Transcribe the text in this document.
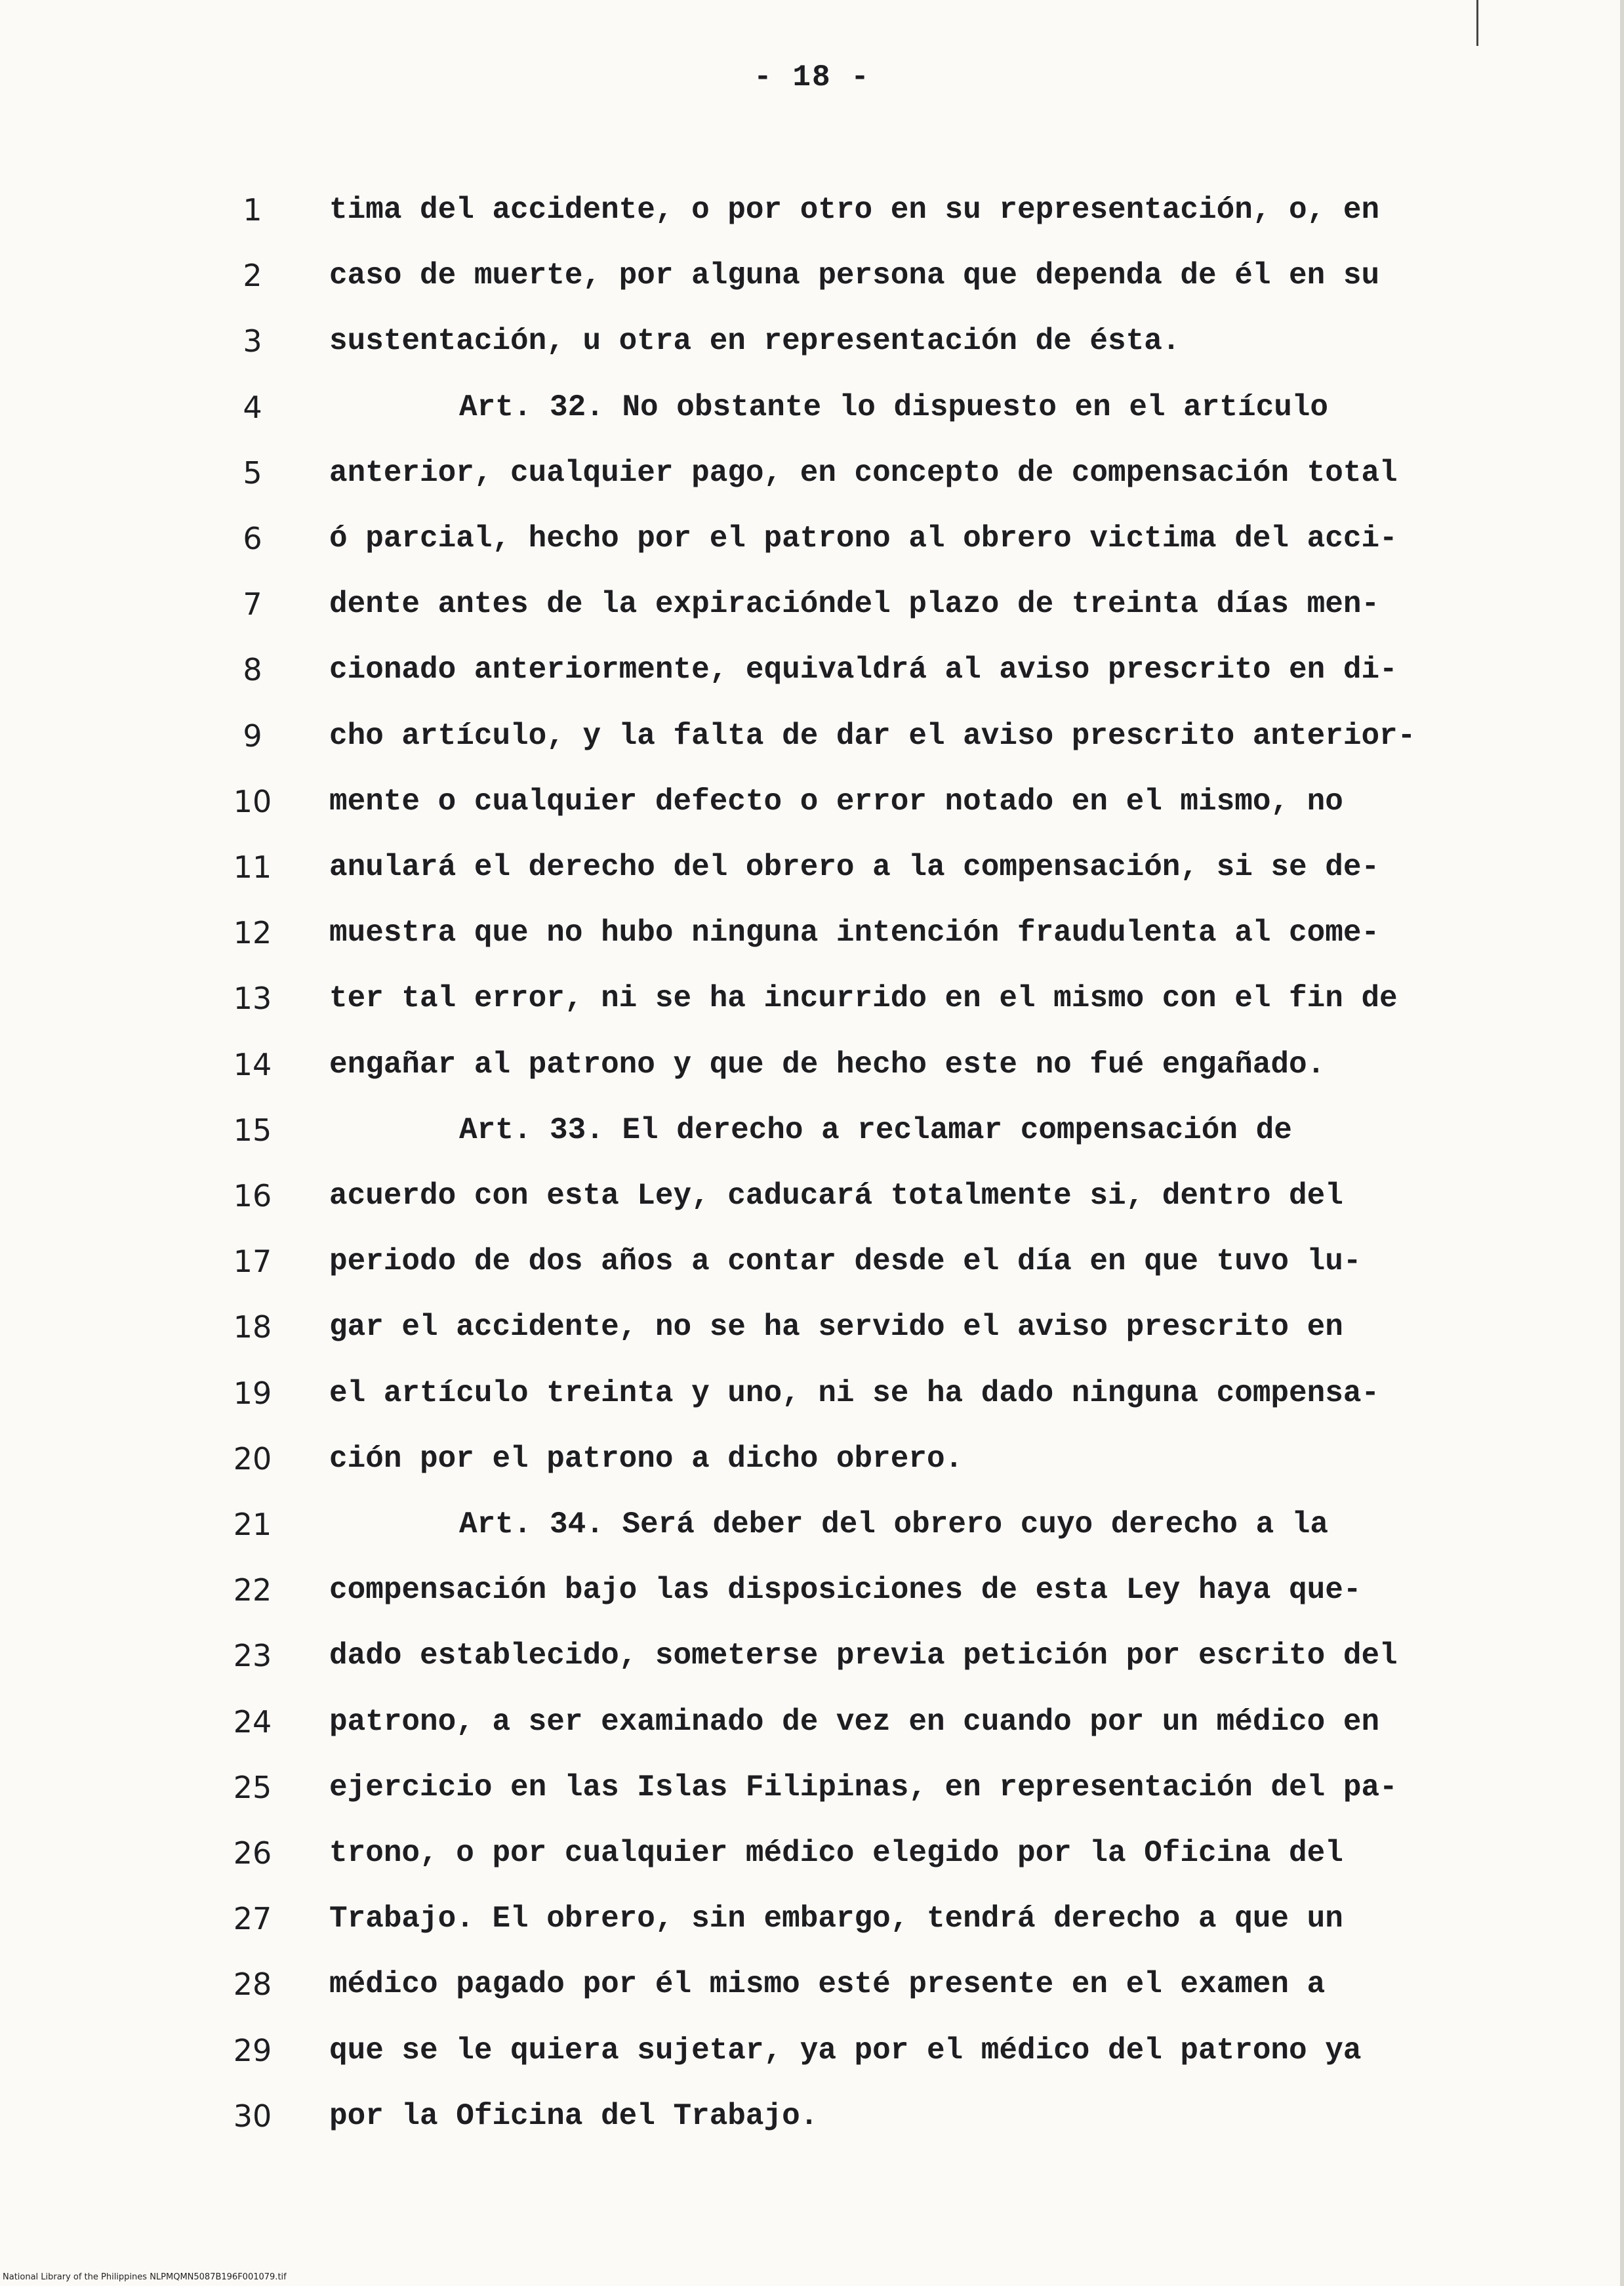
- 18 -
1	tima del accidente, o por otro en su representación, o, en
2	caso de muerte, por alguna persona que dependa de él en su
3	sustentación, u otra en representación de ésta.
4	Art. 32. No obstante lo dispuesto en el artículo
5	anterior, cualquier pago, en concepto de compensación total
6	ó parcial, hecho por el patrono al obrero victima del acci-
7	dente antes de la expiracióndel plazo de treinta días men-
8	cionado anteriormente, equivaldrá al aviso prescrito en di-
9	cho artículo, y la falta de dar el aviso prescrito anterior-
10	mente o cualquier defecto o error notado en el mismo, no
11	anulará el derecho del obrero a la compensación, si se de-
12	muestra que no hubo ninguna intención fraudulenta al come-
13	ter tal error, ni se ha incurrido en el mismo con el fin de
14	engañar al patrono y que de hecho este no fué engañado.
15	Art. 33. El derecho a reclamar compensación de
16	acuerdo con esta Ley, caducará totalmente si, dentro del
17	periodo de dos años a contar desde el día en que tuvo lu-
18	gar el accidente, no se ha servido el aviso prescrito en
19	el artículo treinta y uno, ni se ha dado ninguna compensa-
20	ción por el patrono a dicho obrero.
21	Art. 34. Será deber del obrero cuyo derecho a la
22	compensación bajo las disposiciones de esta Ley haya que-
23	dado establecido, someterse previa petición por escrito del
24	patrono, a ser examinado de vez en cuando por un médico en
25	ejercicio en las Islas Filipinas, en representación del pa-
26	trono, o por cualquier médico elegido por la Oficina del
27	Trabajo. El obrero, sin embargo, tendrá derecho a que un
28	médico pagado por él mismo esté presente en el examen a
29	que se le quiera sujetar, ya por el médico del patrono ya
30	por la Oficina del Trabajo.
National Library of the Philippines NLPMQMN5087B196F001079.tif
